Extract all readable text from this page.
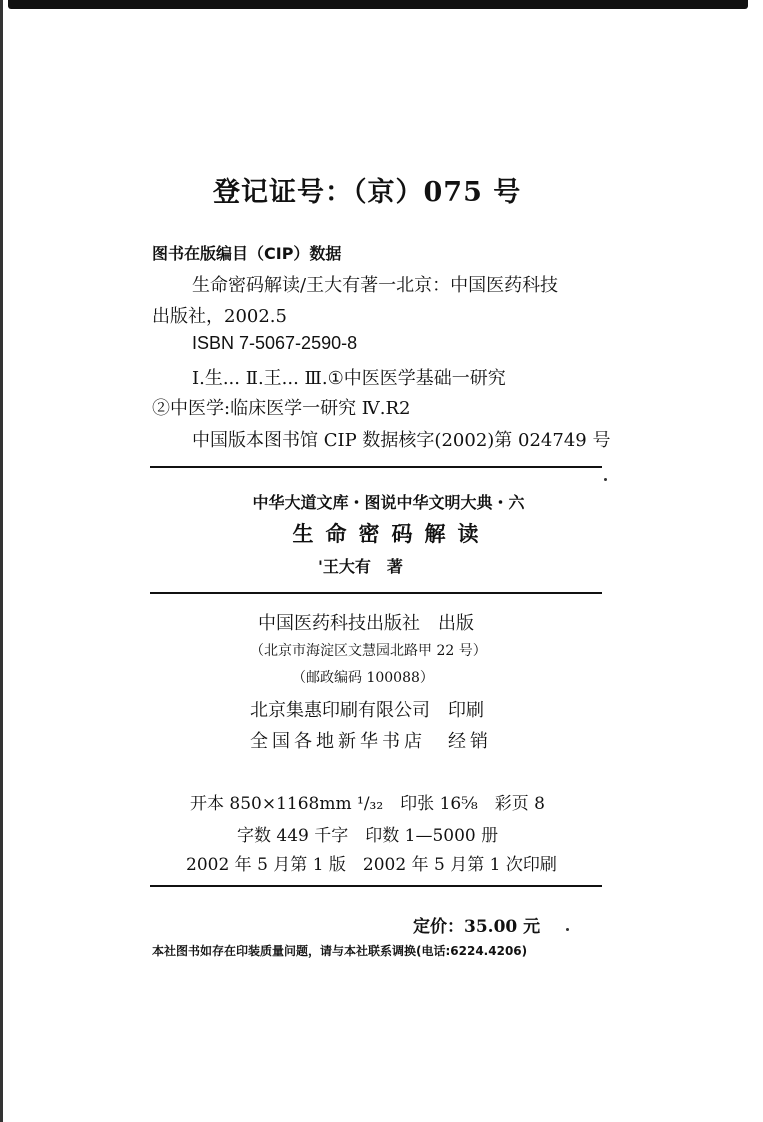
登记证号：（京）075 号
图书在版编目（CIP）数据
生命密码解读/王大有著一北京：中国医药科技
出版社，2002.5
ISBN 7-5067-2590-8
Ⅰ.生... Ⅱ.王... Ⅲ.①中医医学基础一研究
②中医学:临床医学一研究 Ⅳ.R2
中国版本图书馆 CIP 数据核字(2002)第 024749 号
中华大道文库・图说中华文明大典・六
生命密码解读
'王大有　著
中国医药科技出版社　出版
（北京市海淀区文慧园北路甲 22 号）
（邮政编码 100088）
北京集惠印刷有限公司　印刷
全国各地新华书店　经销
开本 850×1168mm ¹/₃₂　印张 16⅝　彩页 8
字数 449 千字　印数 1—5000 册
2002 年 5 月第 1 版　2002 年 5 月第 1 次印刷
定价：35.00 元
本社图书如存在印装质量问题，请与本社联系调换(电话:6224.4206)
